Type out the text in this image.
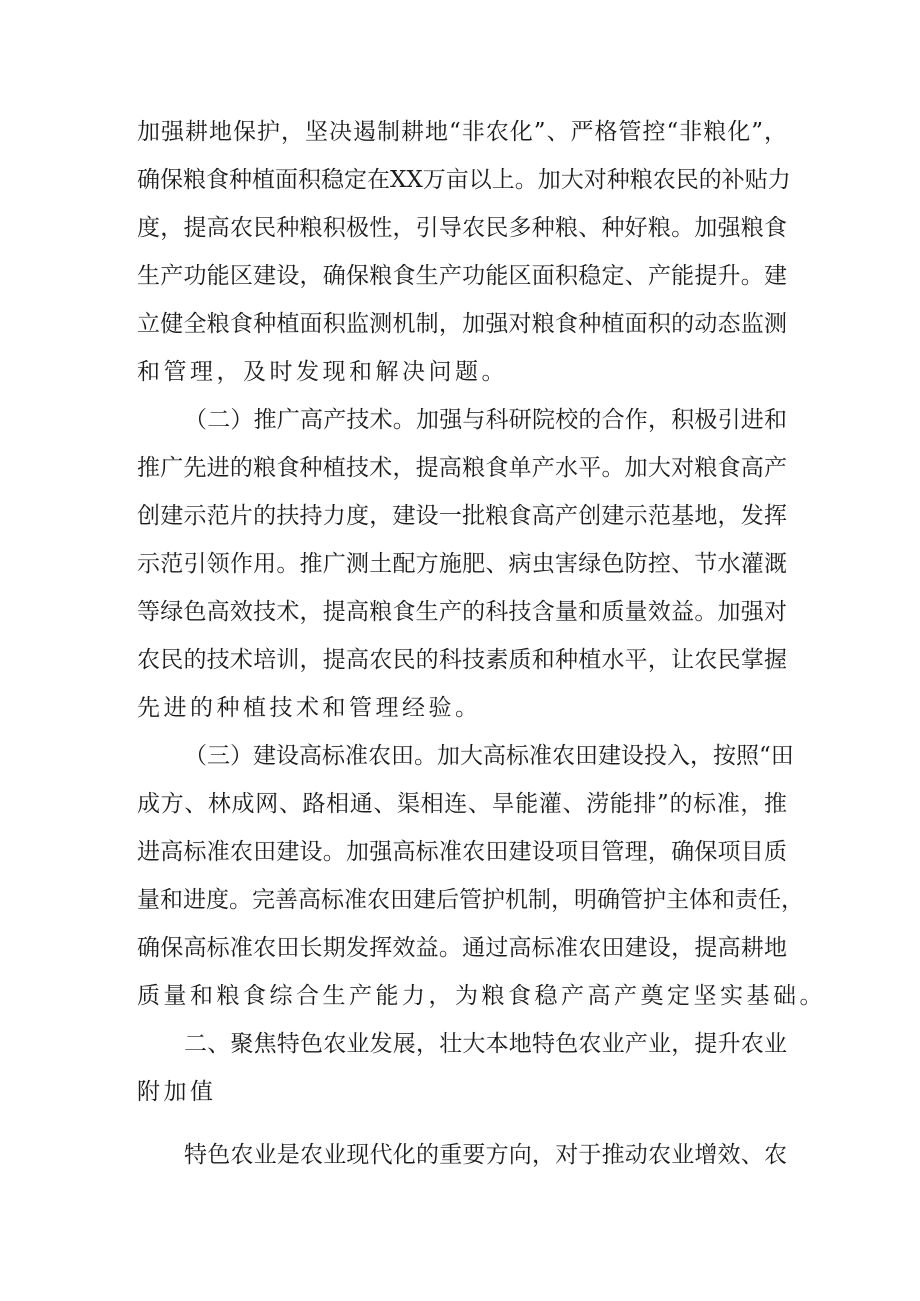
加强耕地保护，坚决遏制耕地“非农化”、严格管控“非粮化”，
确保粮食种植面积稳定在XX万亩以上。加大对种粮农民的补贴力
度，提高农民种粮积极性，引导农民多种粮、种好粮。加强粮食
生产功能区建设，确保粮食生产功能区面积稳定、产能提升。建
立健全粮食种植面积监测机制，加强对粮食种植面积的动态监测
和管理，及时发现和解决问题。
（二）推广高产技术。加强与科研院校的合作，积极引进和
推广先进的粮食种植技术，提高粮食单产水平。加大对粮食高产
创建示范片的扶持力度，建设一批粮食高产创建示范基地，发挥
示范引领作用。推广测土配方施肥、病虫害绿色防控、节水灌溉
等绿色高效技术，提高粮食生产的科技含量和质量效益。加强对
农民的技术培训，提高农民的科技素质和种植水平，让农民掌握
先进的种植技术和管理经验。
（三）建设高标准农田。加大高标准农田建设投入，按照“田
成方、林成网、路相通、渠相连、旱能灌、涝能排”的标准，推
进高标准农田建设。加强高标准农田建设项目管理，确保项目质
量和进度。完善高标准农田建后管护机制，明确管护主体和责任，
确保高标准农田长期发挥效益。通过高标准农田建设，提高耕地
质量和粮食综合生产能力，为粮食稳产高产奠定坚实基础。
二、聚焦特色农业发展，壮大本地特色农业产业，提升农业
附加值
特色农业是农业现代化的重要方向，对于推动农业增效、农
